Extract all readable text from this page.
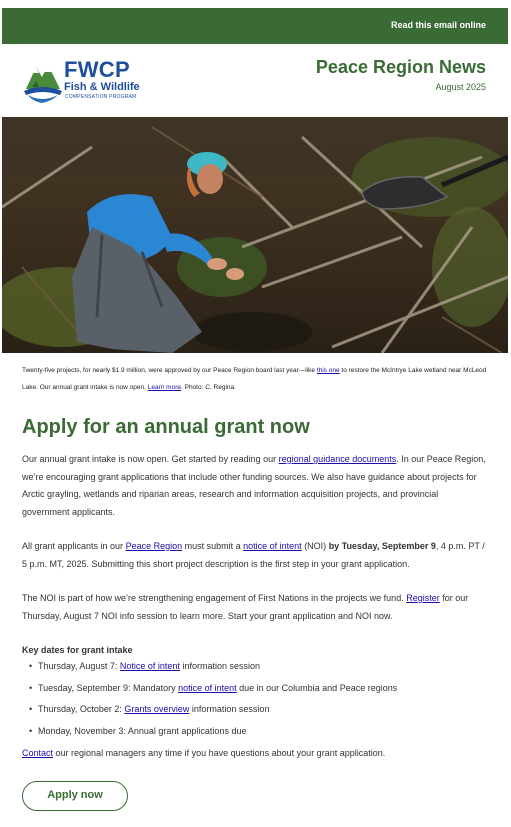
Read this email online
FWCP
Fish & Wildlife
COMPENSATION PROGRAM
Peace Region News
August 2025
Twenty-five projects, for nearly $1.9 million, were approved by our Peace Region board last year—like this one to restore the McIntrye Lake wetland near McLeod Lake. Our annual grant intake is now open. Learn more. Photo: C. Regina.
Apply for an annual grant now

Our annual grant intake is now open. Get started by reading our regional guidance documents. In our Peace Region, we’re encouraging grant applications that include other funding sources. We also have guidance about projects for Arctic grayling, wetlands and riparian areas, research and information acquisition projects, and provincial government applicants.

All grant applicants in our Peace Region must submit a notice of intent (NOI) by Tuesday, September 9, 4 p.m. PT / 5 p.m. MT, 2025. Submitting this short project description is the first step in your grant application.

The NOI is part of how we’re strengthening engagement of First Nations in the projects we fund. Register for our Thursday, August 7 NOI info session to learn more. Start your grant application and NOI now.

Key dates for grant intake
• Thursday, August 7: Notice of intent information session
• Tuesday, September 9: Mandatory notice of intent due in our Columbia and Peace regions
• Thursday, October 2: Grants overview information session
• Monday, November 3: Annual grant applications due

Contact our regional managers any time if you have questions about your grant application.

Apply now
